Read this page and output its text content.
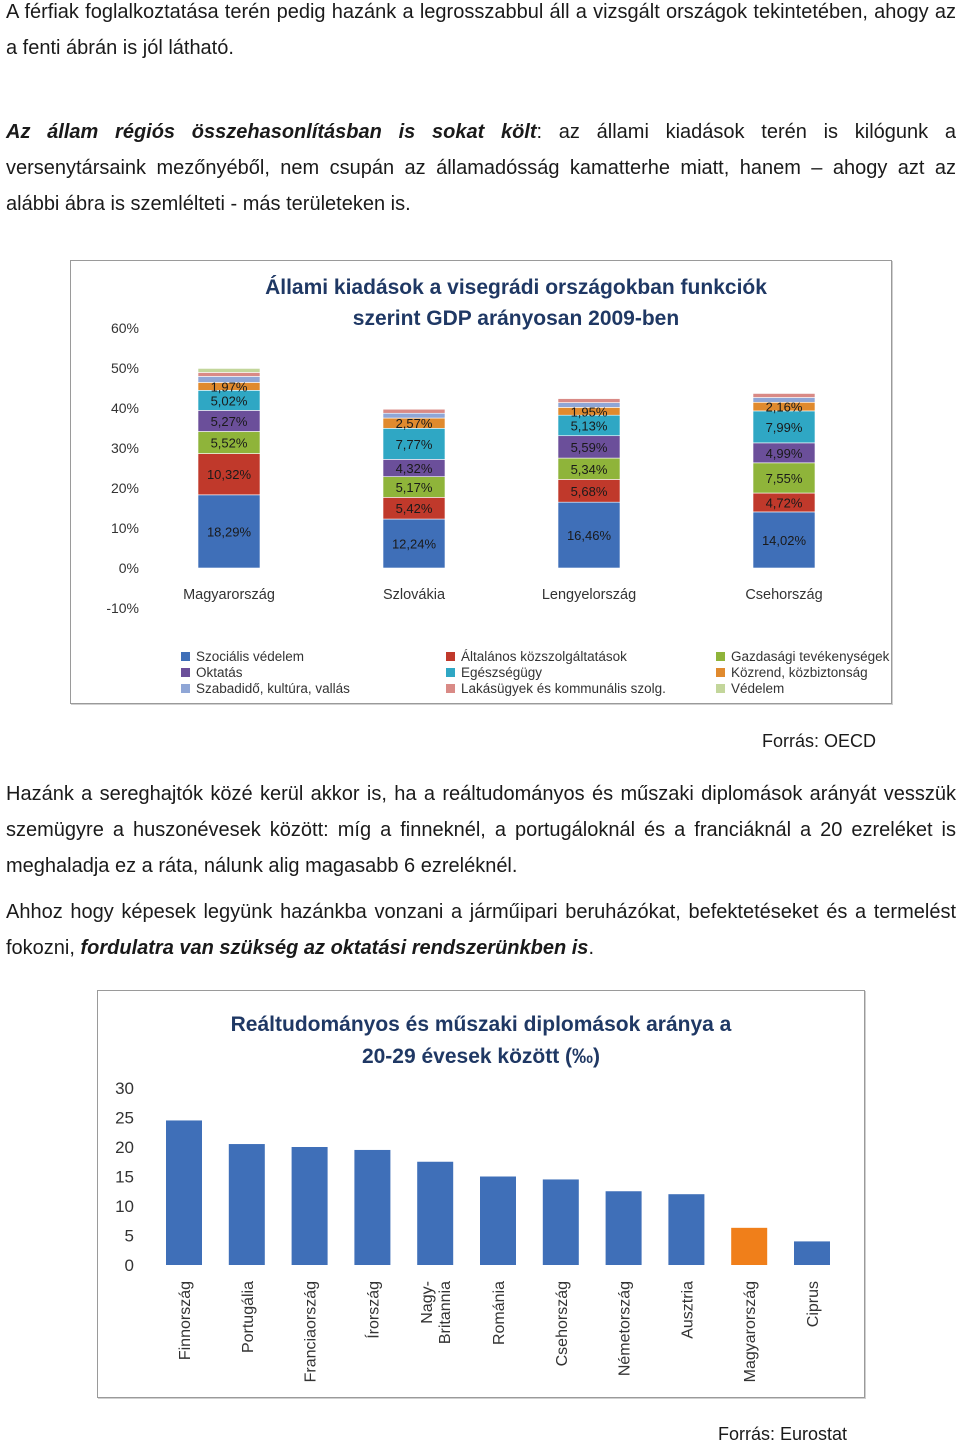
A férfiak foglalkoztatása terén pedig hazánk a legrosszabbul áll a vizsgált országok tekintetében, ahogy az a fenti ábrán is jól látható.

Az állam régiós összehasonlításban is sokat költ: az állami kiadások terén is kilógunk a versenytársaink mezőnyéből, nem csupán az államadósság kamatterhe miatt, hanem – ahogy azt az alábbi ábra is szemlélteti - más területeken is.

Állami kiadások a visegrádi országokban funkciók
szerint GDP arányosan 2009-ben
-10%
0%
10%
20%
30%
40%
50%
60%
18,29%
10,32%
5,52%
5,27%
5,02%
1,97%
12,24%
5,42%
5,17%
4,32%
7,77%
2,57%
16,46%
5,68%
5,34%
5,59%
5,13%
1,95%
14,02%
4,72%
7,55%
4,99%
7,99%
2,16%
Magyarország	Szlovákia	Lengyelország	Csehország
Szociális védelem	Általános közszolgáltatások	Gazdasági tevékenységek
Oktatás	Egészségügy	Közrend, közbiztonság
Szabadidő, kultúra, vallás	Lakásügyek és kommunális szolg.	Védelem
Forrás: OECD

Hazánk a sereghajtók közé kerül akkor is, ha a reáltudományos és műszaki diplomások arányát vesszük szemügyre a huszonévesek között: míg a finneknél, a portugáloknál és a franciáknál a 20 ezreléket is meghaladja ez a ráta, nálunk alig magasabb 6 ezreléknél.

Ahhoz hogy képesek legyünk hazánkba vonzani a járműipari beruházókat, befektetéseket és a termelést fokozni, fordulatra van szükség az oktatási rendszerünkben is.

Reáltudományos és műszaki diplomások aránya a
20-29 évesek között (‰)
0
5
10
15
20
25
30
Finnország	Portugália	Franciaország	Írország Nagy-Britannia Románia	Csehország	Németország	Ausztria	Magyarország	Ciprus
Forrás: Eurostat
